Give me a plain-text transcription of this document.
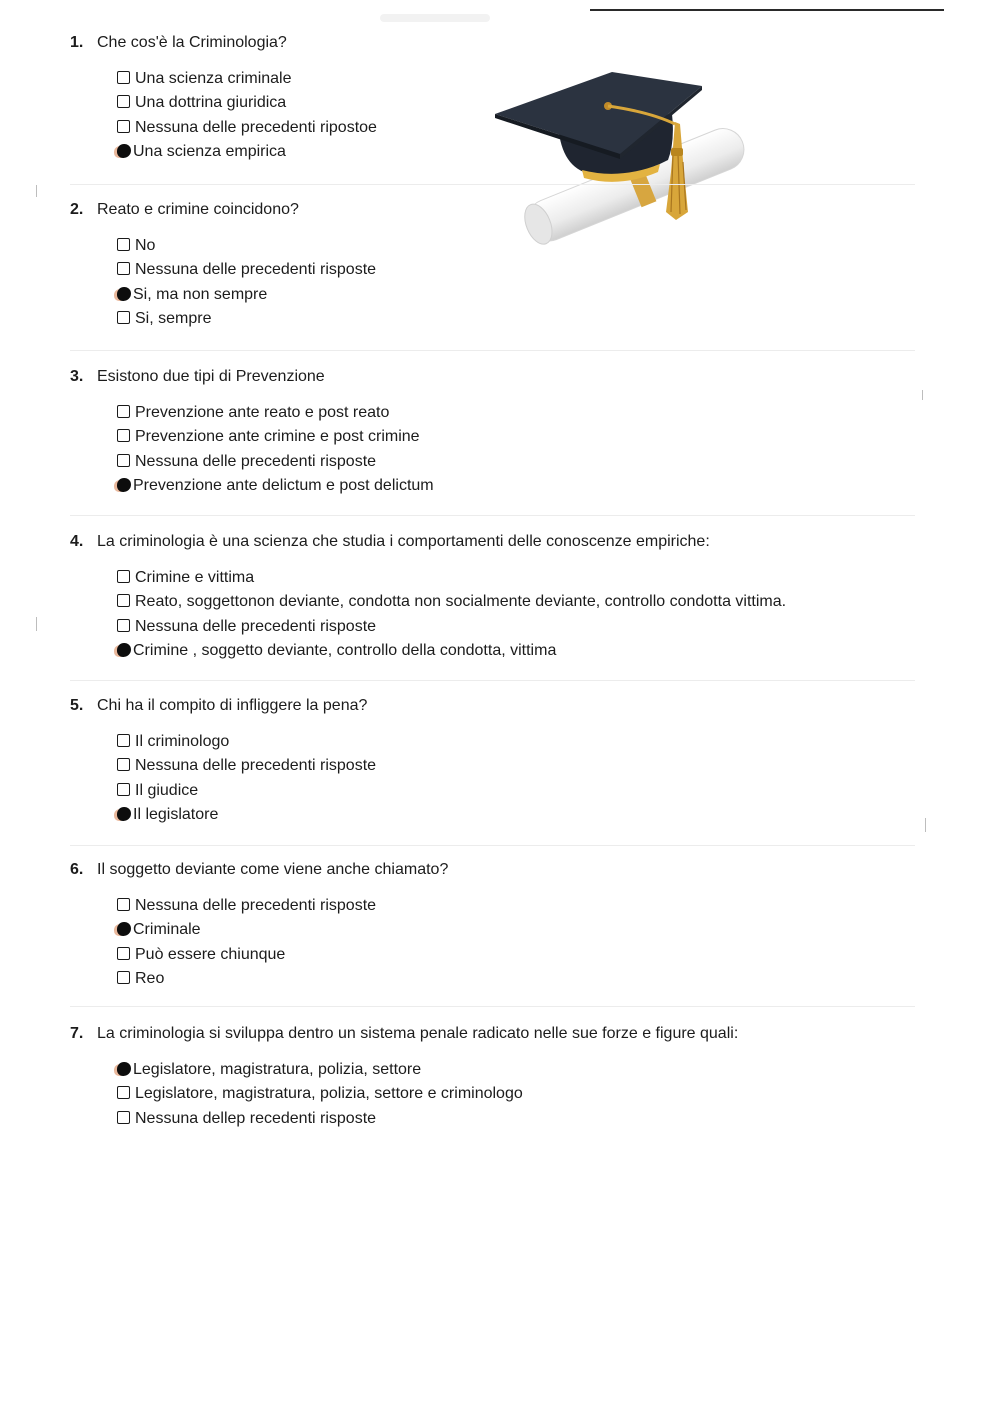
1. Che cos'è la Criminologia?
Una scienza criminale
Una dottrina giuridica
Nessuna delle precedenti ripostoe
Una scienza empirica
2. Reato e crimine coincidono?
No
Nessuna delle precedenti risposte
Si, ma non sempre
Si, sempre
3. Esistono due tipi di Prevenzione
Prevenzione ante reato e post reato
Prevenzione ante crimine e post crimine
Nessuna delle precedenti risposte
Prevenzione ante delictum e post delictum
4. La criminologia è una scienza che studia i comportamenti delle conoscenze empiriche:
Crimine e vittima
Reato, soggettonon deviante, condotta non socialmente deviante, controllo condotta vittima.
Nessuna delle precedenti risposte
Crimine , soggetto deviante, controllo della condotta, vittima
5. Chi ha il compito di infliggere la pena?
Il criminologo
Nessuna delle precedenti risposte
Il giudice
Il legislatore
6. Il soggetto deviante come viene anche chiamato?
Nessuna delle precedenti risposte
Criminale
Può essere chiunque
Reo
7. La criminologia si sviluppa dentro un sistema penale radicato nelle sue forze e figure quali:
Legislatore, magistratura, polizia, settore
Legislatore, magistratura, polizia, settore e criminologo
Nessuna dellep recedenti risposte
